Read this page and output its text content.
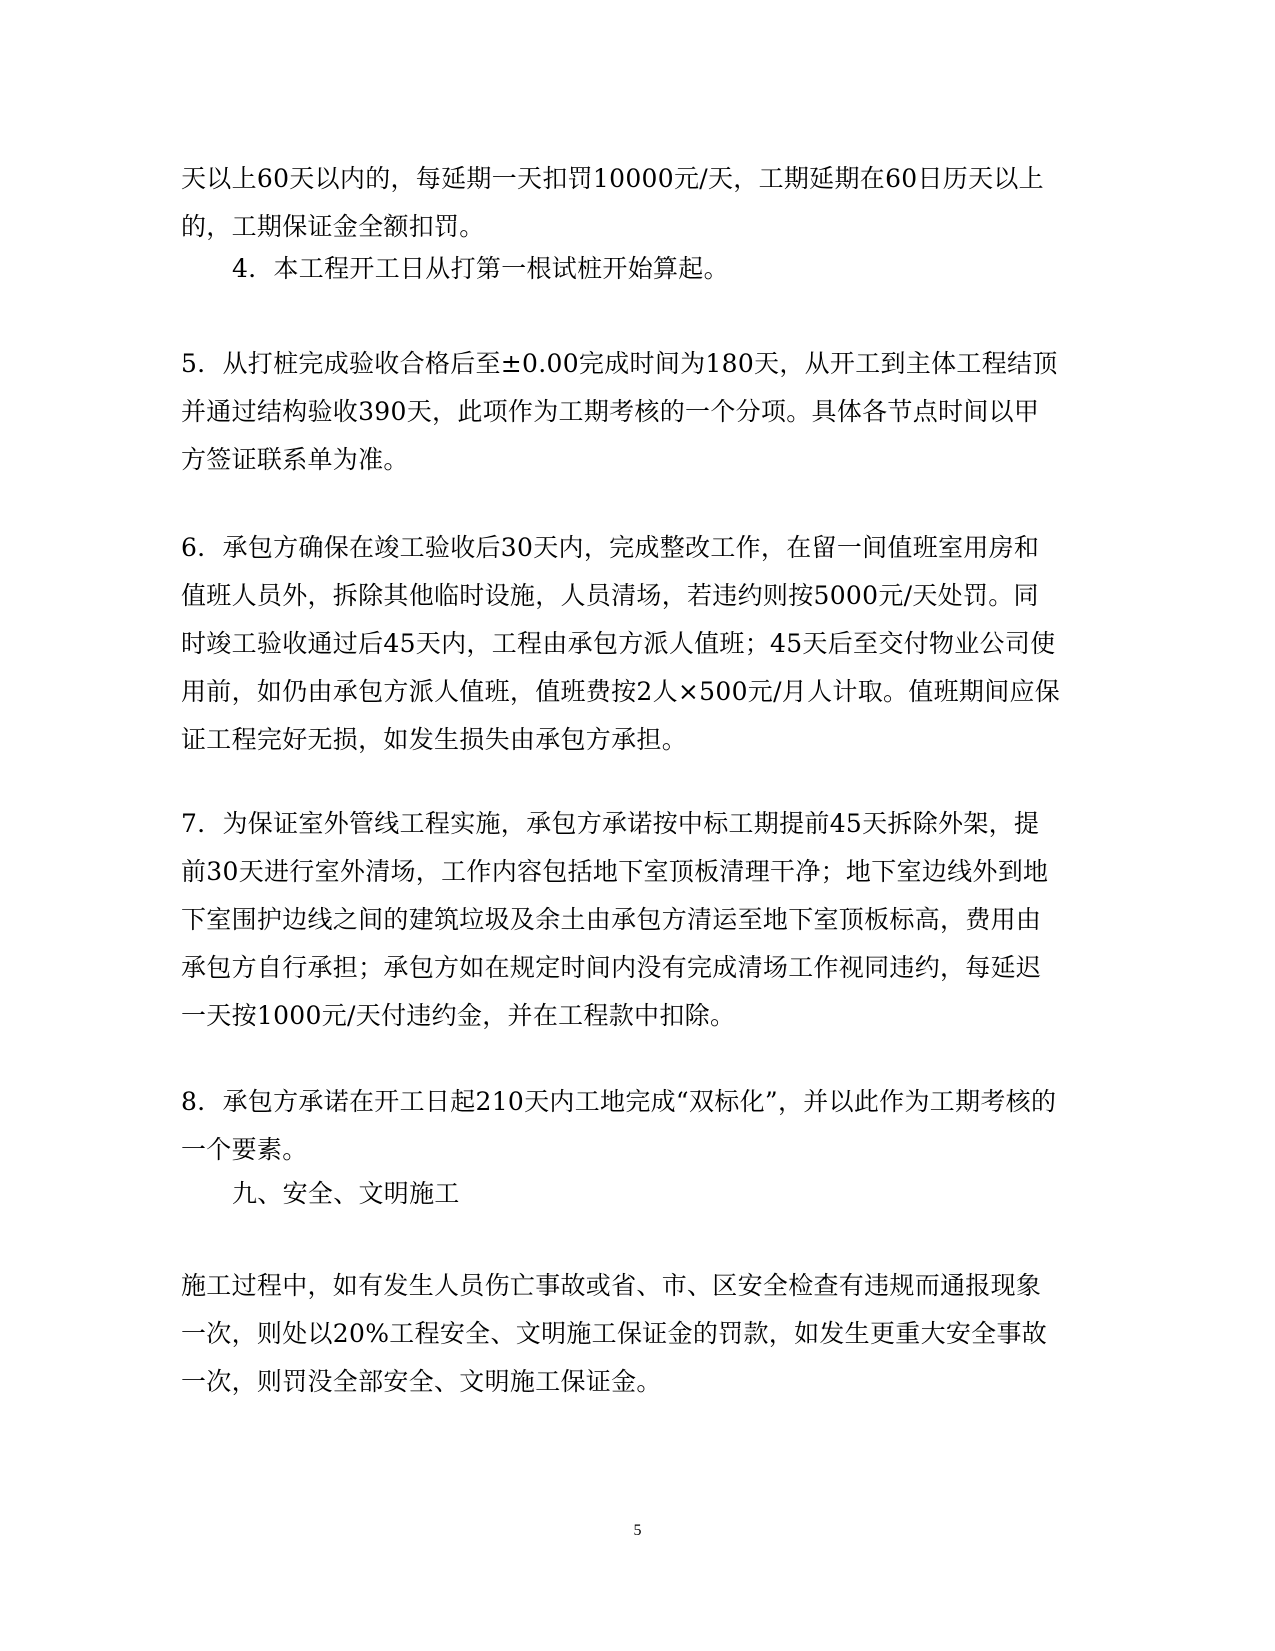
天以上60天以内的，每延期一天扣罚10000元/天，工期延期在60日历天以上的，工期保证金全额扣罚。

4．本工程开工日从打第一根试桩开始算起。

5．从打桩完成验收合格后至±0.00完成时间为180天，从开工到主体工程结顶并通过结构验收390天，此项作为工期考核的一个分项。具体各节点时间以甲方签证联系单为准。

6．承包方确保在竣工验收后30天内，完成整改工作，在留一间值班室用房和值班人员外，拆除其他临时设施，人员清场，若违约则按5000元/天处罚。同时竣工验收通过后45天内，工程由承包方派人值班；45天后至交付物业公司使用前，如仍由承包方派人值班，值班费按2人×500元/月人计取。值班期间应保证工程完好无损，如发生损失由承包方承担。

7．为保证室外管线工程实施，承包方承诺按中标工期提前45天拆除外架，提前30天进行室外清场，工作内容包括地下室顶板清理干净；地下室边线外到地下室围护边线之间的建筑垃圾及余土由承包方清运至地下室顶板标高，费用由承包方自行承担；承包方如在规定时间内没有完成清场工作视同违约，每延迟一天按1000元/天付违约金，并在工程款中扣除。

8．承包方承诺在开工日起210天内工地完成“双标化”，并以此作为工期考核的一个要素。

九、安全、文明施工

施工过程中，如有发生人员伤亡事故或省、市、区安全检查有违规而通报现象一次，则处以20%工程安全、文明施工保证金的罚款，如发生更重大安全事故一次，则罚没全部安全、文明施工保证金。

5
